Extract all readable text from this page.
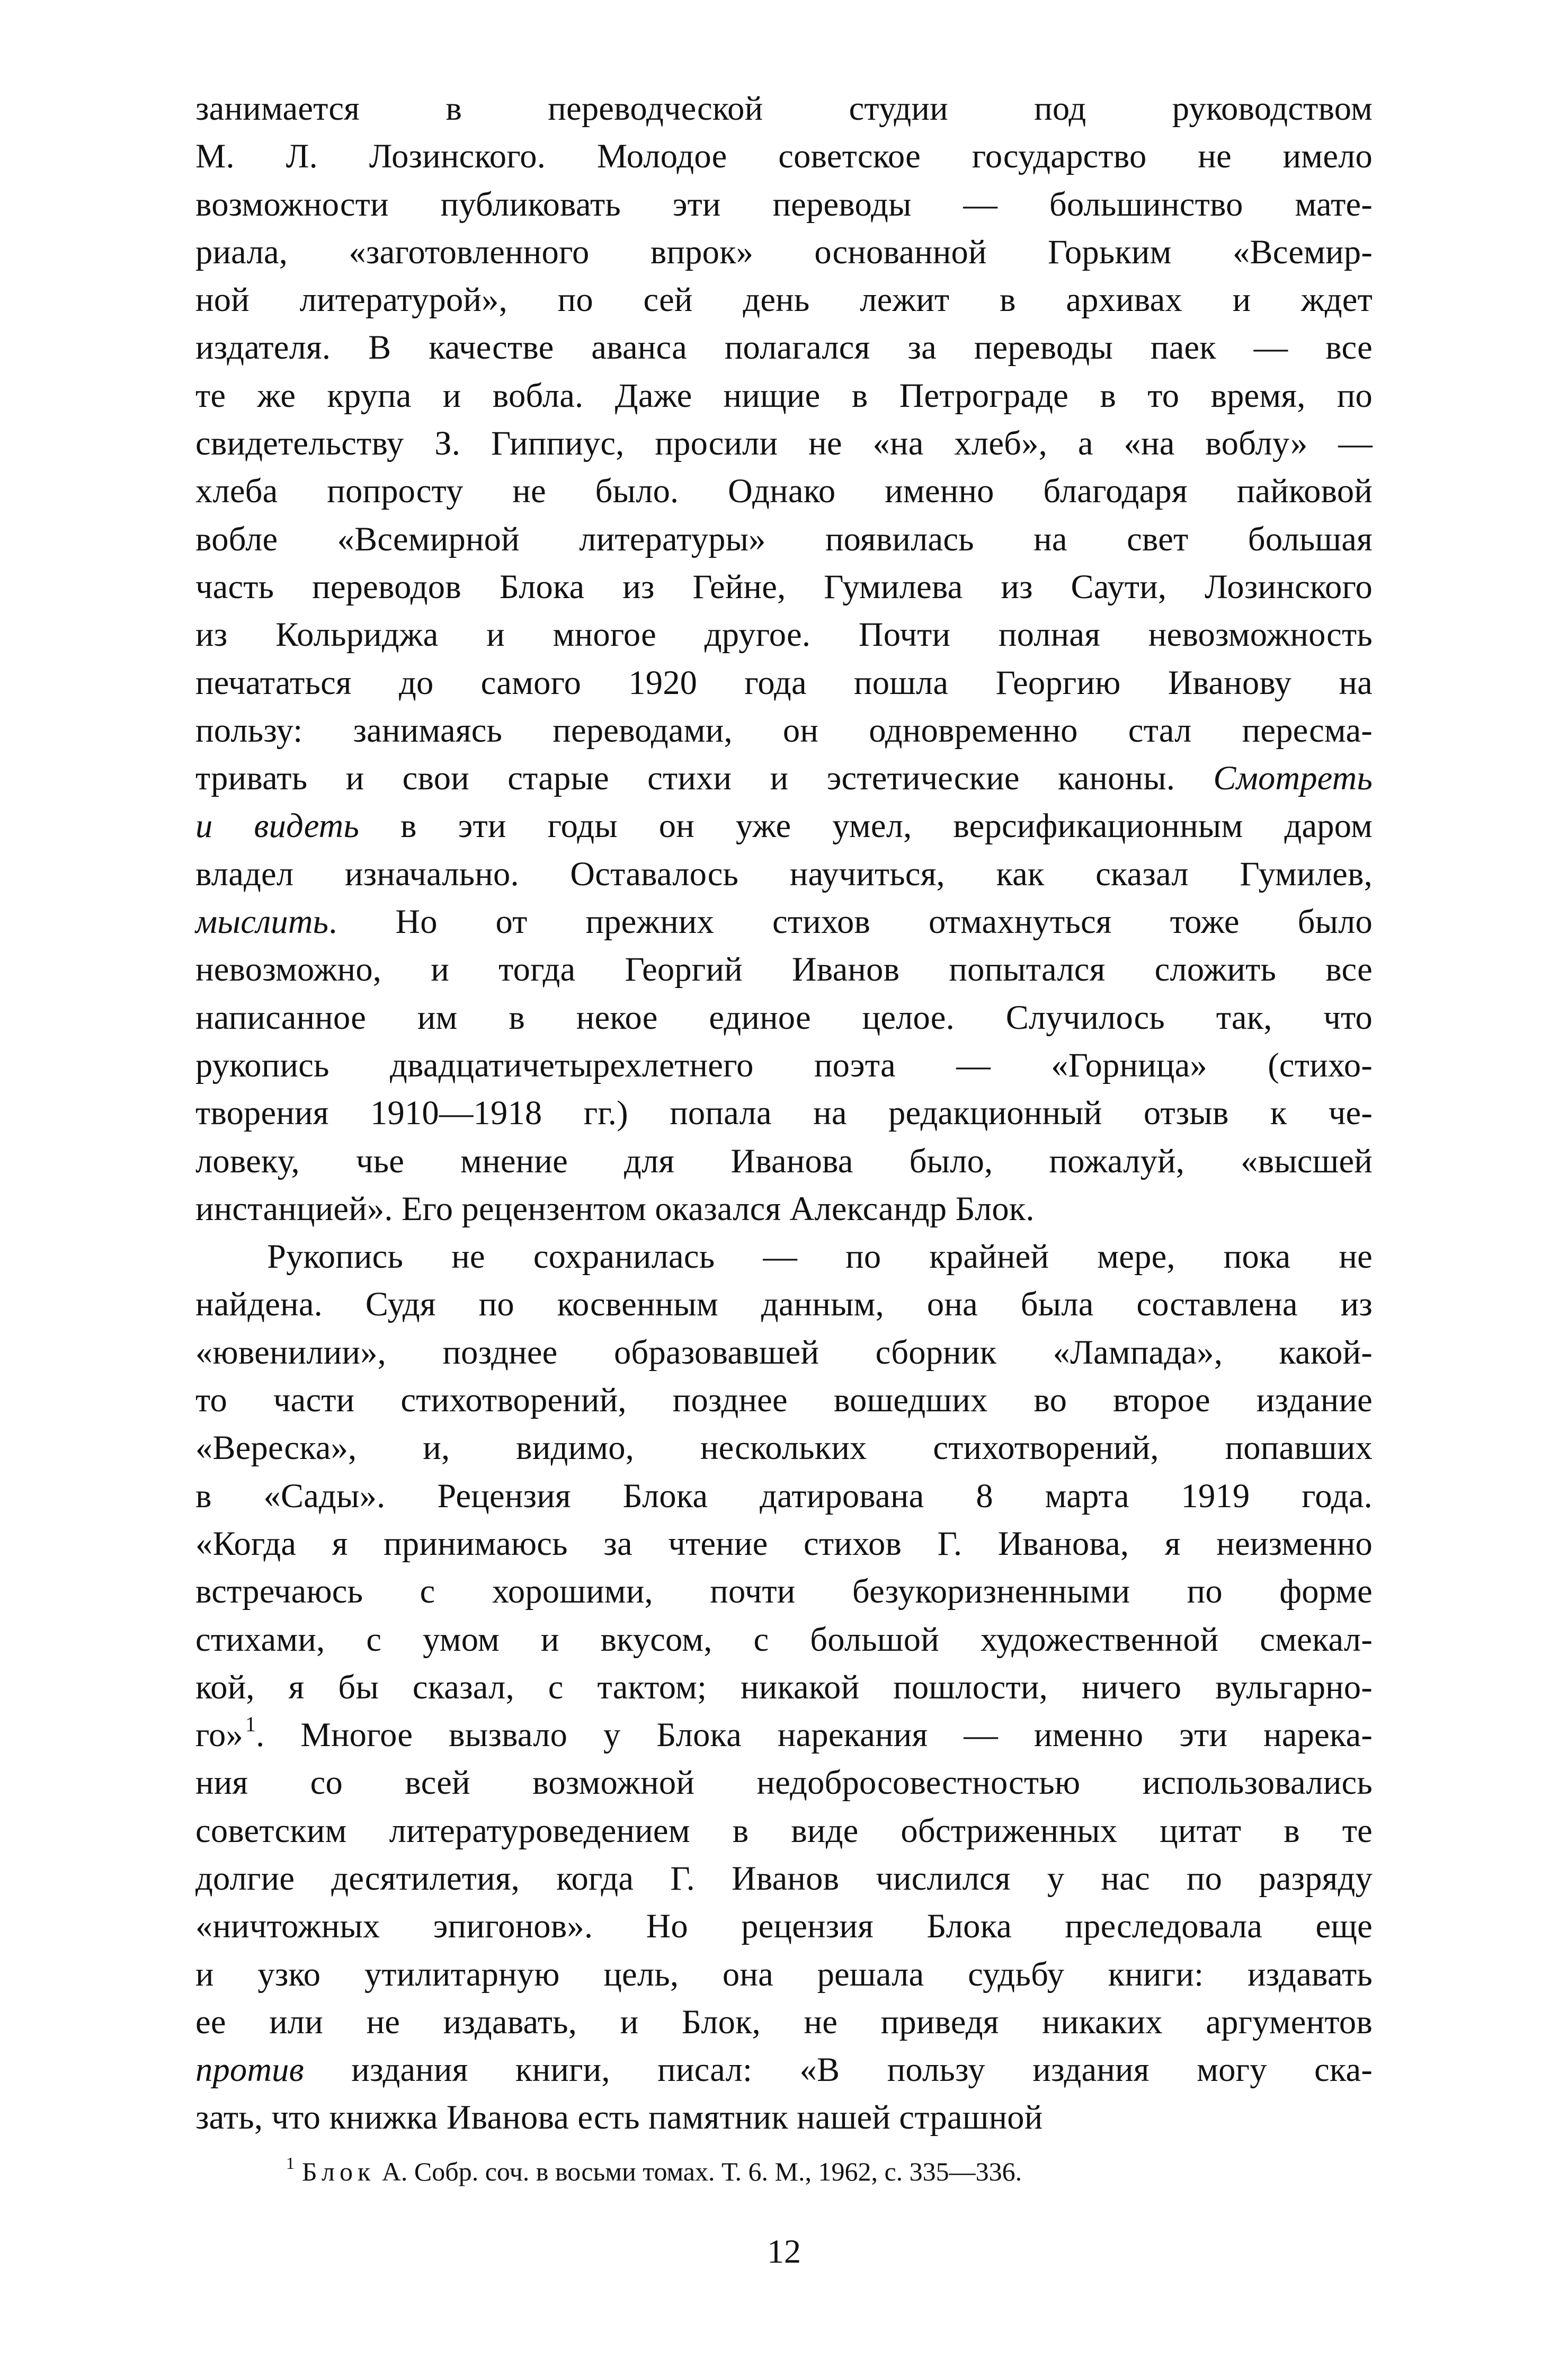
занимается в переводческой студии под руководством
М. Л. Лозинского. Молодое советское государство не имело
возможности публиковать эти переводы — большинство мате-
риала, «заготовленного впрок» основанной Горьким «Всемир-
ной литературой», по сей день лежит в архивах и ждет
издателя. В качестве аванса полагался за переводы паек — все
те же крупа и вобла. Даже нищие в Петрограде в то время, по
свидетельству З. Гиппиус, просили не «на хлеб», а «на воблу» —
хлеба попросту не было. Однако именно благодаря пайковой
вобле «Всемирной литературы» появилась на свет большая
часть переводов Блока из Гейне, Гумилева из Саути, Лозинского
из Кольриджа и многое другое. Почти полная невозможность
печататься до самого 1920 года пошла Георгию Иванову на
пользу: занимаясь переводами, он одновременно стал пересма-
тривать и свои старые стихи и эстетические каноны. Смотреть
и видеть в эти годы он уже умел, версификационным даром
владел изначально. Оставалось научиться, как сказал Гумилев,
мыслить. Но от прежних стихов отмахнуться тоже было
невозможно, и тогда Георгий Иванов попытался сложить все
написанное им в некое единое целое. Случилось так, что
рукопись двадцатичетырехлетнего поэта — «Горница» (стихо-
творения 1910—1918 гг.) попала на редакционный отзыв к че-
ловеку, чье мнение для Иванова было, пожалуй, «высшей
инстанцией». Его рецензентом оказался Александр Блок.
Рукопись не сохранилась — по крайней мере, пока не
найдена. Судя по косвенным данным, она была составлена из
«ювенилии», позднее образовавшей сборник «Лампада», какой-
то части стихотворений, позднее вошедших во второе издание
«Вереска», и, видимо, нескольких стихотворений, попавших
в «Сады». Рецензия Блока датирована 8 марта 1919 года.
«Когда я принимаюсь за чтение стихов Г. Иванова, я неизменно
встречаюсь с хорошими, почти безукоризненными по форме
стихами, с умом и вкусом, с большой художественной смекал-
кой, я бы сказал, с тактом; никакой пошлости, ничего вульгарно-
го» $^1$. Многое вызвало у Блока нарекания — именно эти нарека-
ния со всей возможной недобросовестностью использовались
советским литературоведением в виде обстриженных цитат в те
долгие десятилетия, когда Г. Иванов числился у нас по разряду
«ничтожных эпигонов». Но рецензия Блока преследовала еще
и узко утилитарную цель, она решала судьбу книги: издавать
ее или не издавать, и Блок, не приведя никаких аргументов
против издания книги, писал: «В пользу издания могу ска-
зать, что книжка Иванова есть памятник нашей страшной
$^1$ Блок А. Собр. соч. в восьми томах. Т. 6. М., 1962, с. 335—336.
12
